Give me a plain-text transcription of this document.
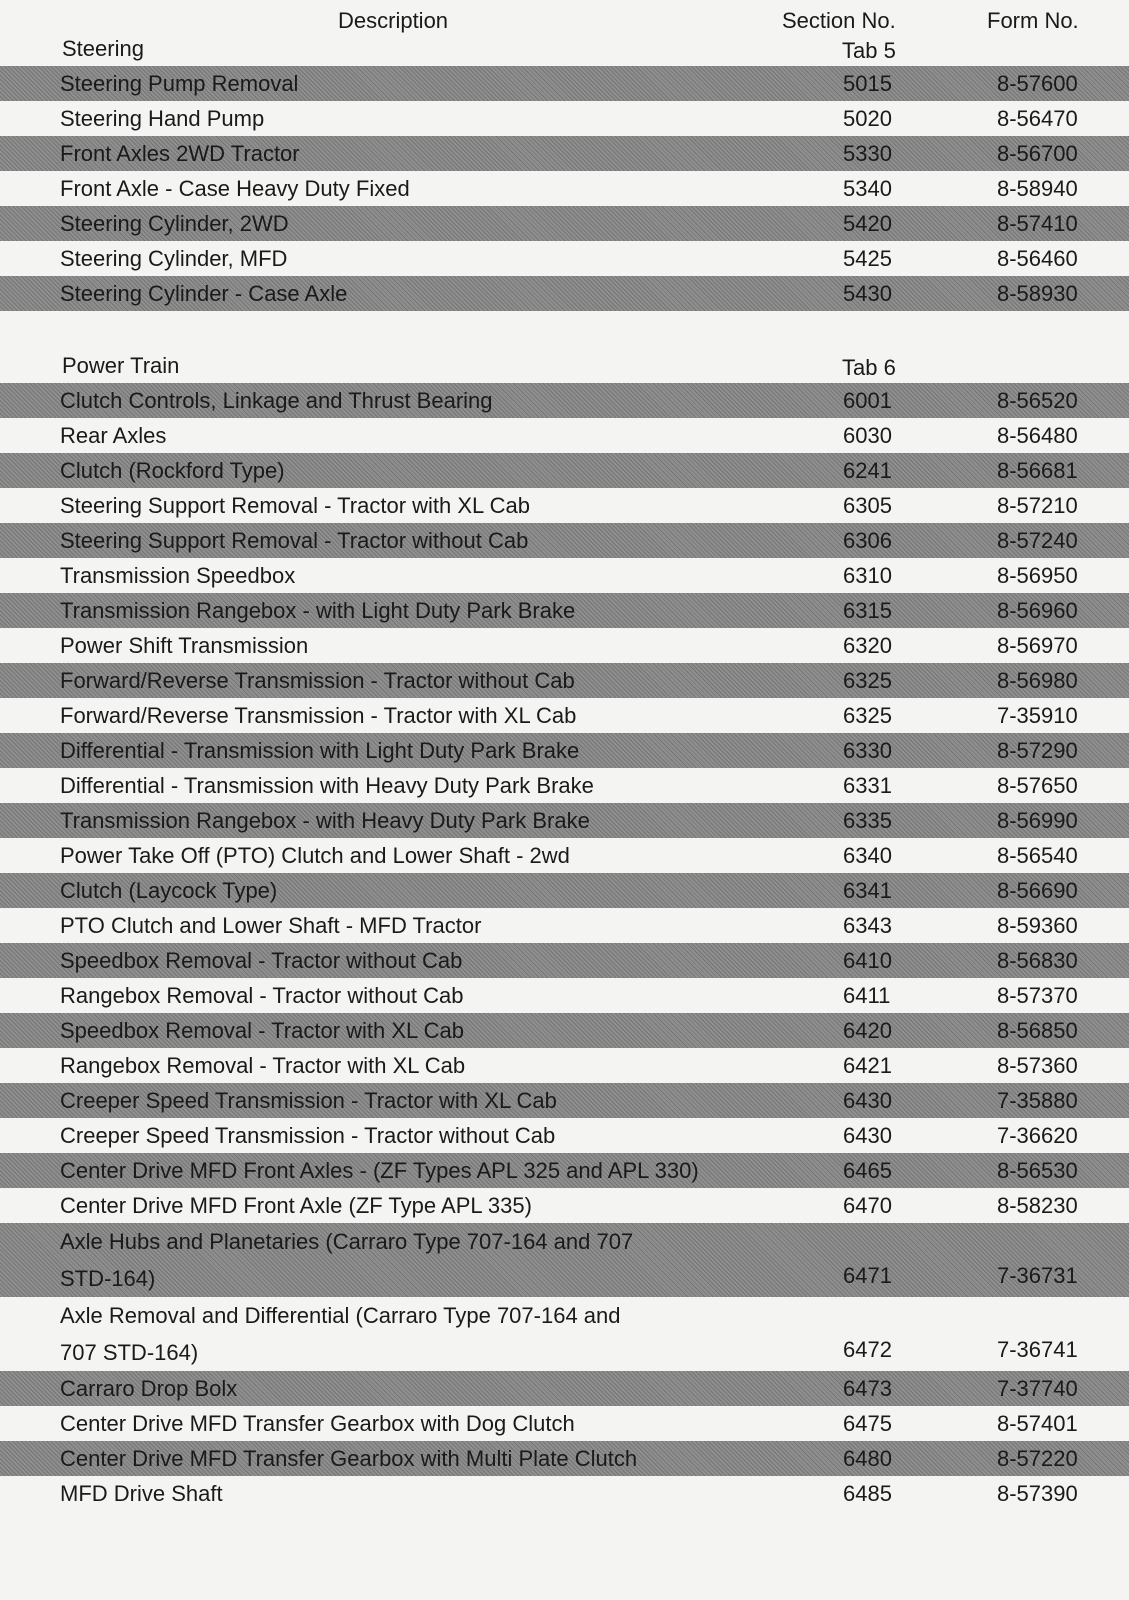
Description	Section No.	Form No.
Steering	Tab 5
Steering Pump Removal	5015	8-57600
Steering Hand Pump	5020	8-56470
Front Axles 2WD Tractor	5330	8-56700
Front Axle - Case Heavy Duty Fixed	5340	8-58940
Steering Cylinder, 2WD	5420	8-57410
Steering Cylinder, MFD	5425	8-56460
Steering Cylinder - Case Axle	5430	8-58930
Power Train	Tab 6
Clutch Controls, Linkage and Thrust Bearing	6001	8-56520
Rear Axles	6030	8-56480
Clutch (Rockford Type)	6241	8-56681
Steering Support Removal - Tractor with XL Cab	6305	8-57210
Steering Support Removal - Tractor without Cab	6306	8-57240
Transmission Speedbox	6310	8-56950
Transmission Rangebox - with Light Duty Park Brake	6315	8-56960
Power Shift Transmission	6320	8-56970
Forward/Reverse Transmission - Tractor without Cab	6325	8-56980
Forward/Reverse Transmission - Tractor with XL Cab	6325	7-35910
Differential - Transmission with Light Duty Park Brake	6330	8-57290
Differential - Transmission with Heavy Duty Park Brake	6331	8-57650
Transmission Rangebox - with Heavy Duty Park Brake	6335	8-56990
Power Take Off (PTO) Clutch and Lower Shaft - 2wd	6340	8-56540
Clutch (Laycock Type)	6341	8-56690
PTO Clutch and Lower Shaft - MFD Tractor	6343	8-59360
Speedbox Removal - Tractor without Cab	6410	8-56830
Rangebox Removal - Tractor without Cab	6411	8-57370
Speedbox Removal - Tractor with XL Cab	6420	8-56850
Rangebox Removal - Tractor with XL Cab	6421	8-57360
Creeper Speed Transmission - Tractor with XL Cab	6430	7-35880
Creeper Speed Transmission - Tractor without Cab	6430	7-36620
Center Drive MFD Front Axles - (ZF Types APL 325 and APL 330)	6465	8-56530
Center Drive MFD Front Axle (ZF Type APL 335)	6470	8-58230
Axle Hubs and Planetaries (Carraro Type 707-164 and 707 STD-164)	6471	7-36731
Axle Removal and Differential (Carraro Type 707-164 and 707 STD-164)	6472	7-36741
Carraro Drop Bolx	6473	7-37740
Center Drive MFD Transfer Gearbox with Dog Clutch	6475	8-57401
Center Drive MFD Transfer Gearbox with Multi Plate Clutch	6480	8-57220
MFD Drive Shaft	6485	8-57390
